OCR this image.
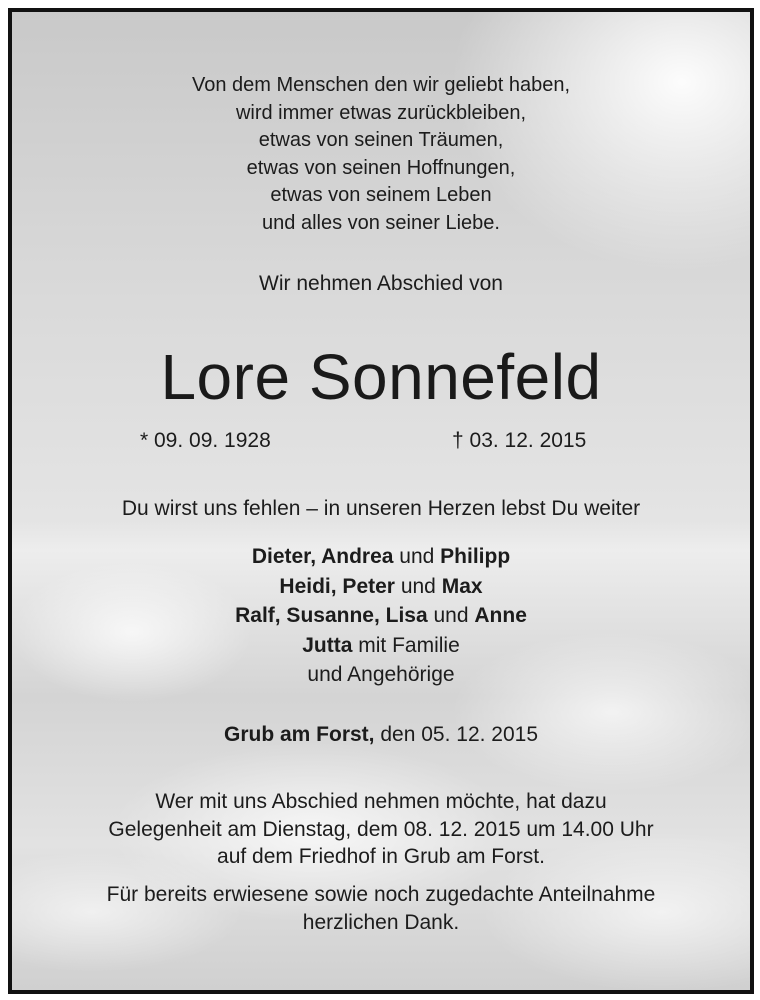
Von dem Menschen den wir geliebt haben,
wird immer etwas zurückbleiben,
etwas von seinen Träumen,
etwas von seinen Hoffnungen,
etwas von seinem Leben
und alles von seiner Liebe.
Wir nehmen Abschied von
Lore Sonnefeld
* 09. 09. 1928	† 03. 12. 2015
Du wirst uns fehlen – in unseren Herzen lebst Du weiter
Dieter, Andrea und Philipp
Heidi, Peter und Max
Ralf, Susanne, Lisa und Anne
Jutta mit Familie
und Angehörige
Grub am Forst, den 05. 12. 2015
Wer mit uns Abschied nehmen möchte, hat dazu
Gelegenheit am Dienstag, dem 08. 12. 2015 um 14.00 Uhr
auf dem Friedhof in Grub am Forst.
Für bereits erwiesene sowie noch zugedachte Anteilnahme
herzlichen Dank.
